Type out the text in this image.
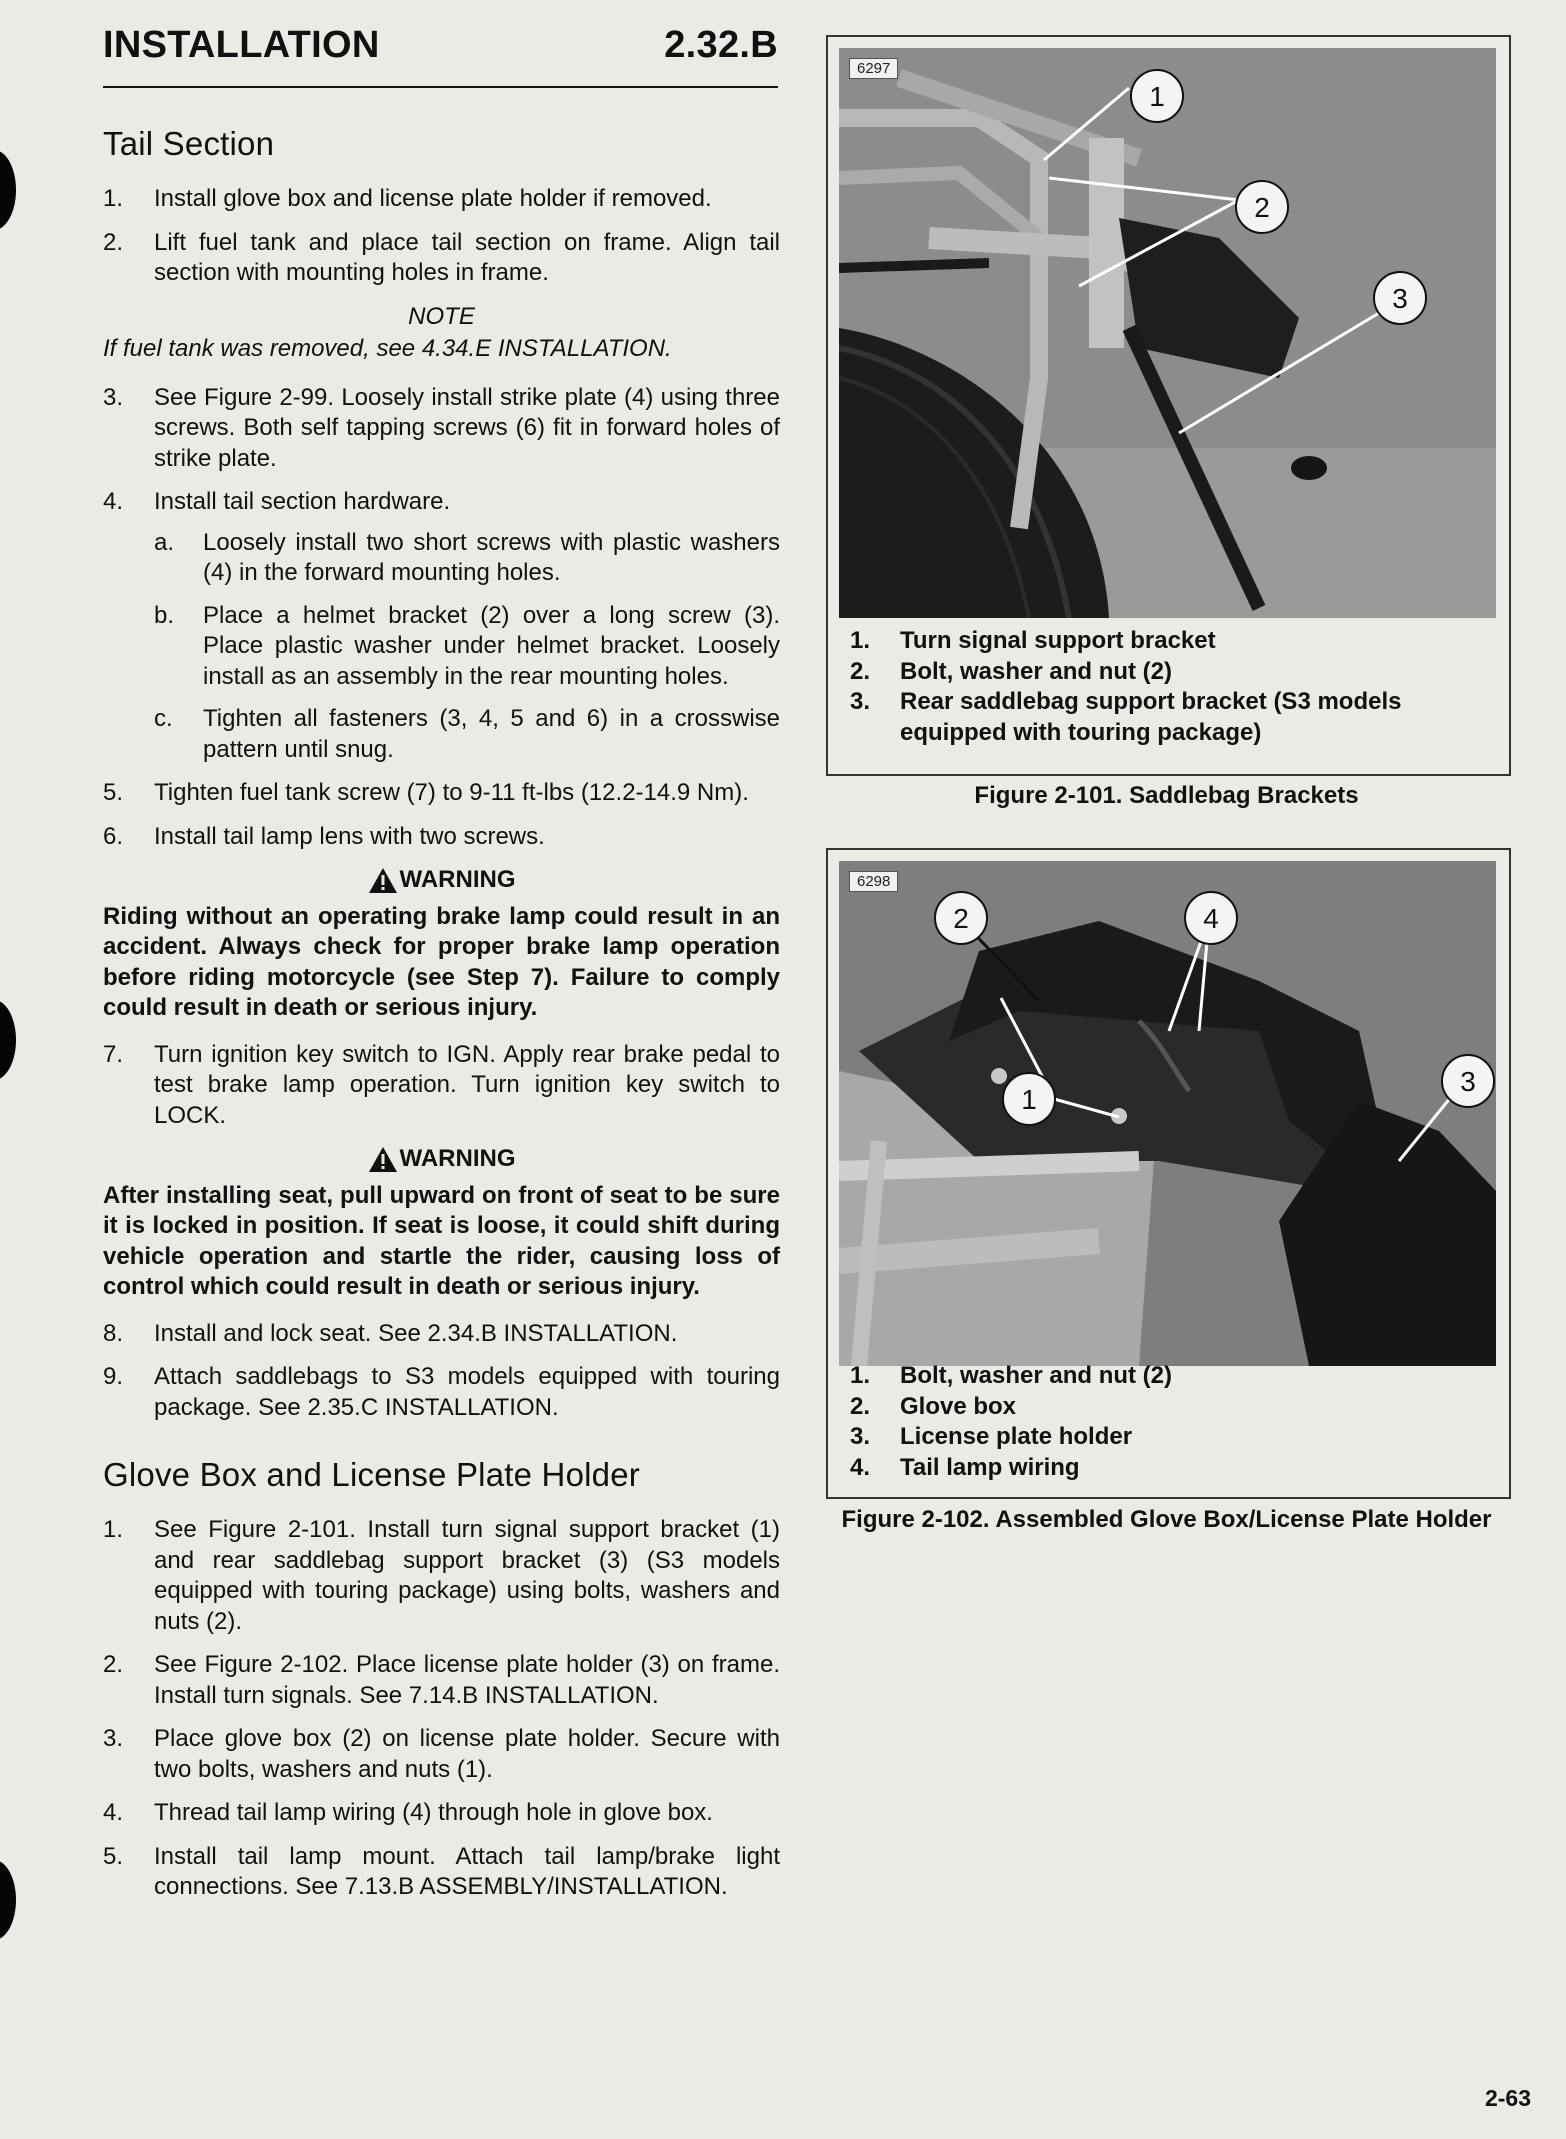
INSTALLATION	2.32.B
Tail Section
1. Install glove box and license plate holder if removed.
2. Lift fuel tank and place tail section on frame. Align tail section with mounting holes in frame.
NOTE
If fuel tank was removed, see 4.34.E INSTALLATION.
3. See Figure 2-99. Loosely install strike plate (4) using three screws. Both self tapping screws (6) fit in forward holes of strike plate.
4. Install tail section hardware.
a. Loosely install two short screws with plastic washers (4) in the forward mounting holes.
b. Place a helmet bracket (2) over a long screw (3). Place plastic washer under helmet bracket. Loosely install as an assembly in the rear mounting holes.
c. Tighten all fasteners (3, 4, 5 and 6) in a crosswise pattern until snug.
5. Tighten fuel tank screw (7) to 9-11 ft-lbs (12.2-14.9 Nm).
6. Install tail lamp lens with two screws.
WARNING
Riding without an operating brake lamp could result in an accident. Always check for proper brake lamp operation before riding motorcycle (see Step 7). Failure to comply could result in death or serious injury.
7. Turn ignition key switch to IGN. Apply rear brake pedal to test brake lamp operation. Turn ignition key switch to LOCK.
WARNING
After installing seat, pull upward on front of seat to be sure it is locked in position. If seat is loose, it could shift during vehicle operation and startle the rider, causing loss of control which could result in death or serious injury.
8. Install and lock seat. See 2.34.B INSTALLATION.
9. Attach saddlebags to S3 models equipped with touring package. See 2.35.C INSTALLATION.
Glove Box and License Plate Holder
1. See Figure 2-101. Install turn signal support bracket (1) and rear saddlebag support bracket (3) (S3 models equipped with touring package) using bolts, washers and nuts (2).
2. See Figure 2-102. Place license plate holder (3) on frame. Install turn signals. See 7.14.B INSTALLATION.
3. Place glove box (2) on license plate holder. Secure with two bolts, washers and nuts (1).
4. Thread tail lamp wiring (4) through hole in glove box.
5. Install tail lamp mount. Attach tail lamp/brake light connections. See 7.13.B ASSEMBLY/INSTALLATION.
6297
1
2
3
1.	Turn signal support bracket
2.	Bolt, washer and nut (2)
3.	Rear saddlebag support bracket (S3 models equipped with touring package)
Figure 2-101. Saddlebag Brackets
6298
2	4
3
1
1.	Bolt, washer and nut (2)
2.	Glove box
3.	License plate holder
4.	Tail lamp wiring
Figure 2-102. Assembled Glove Box/License Plate Holder
2-63
